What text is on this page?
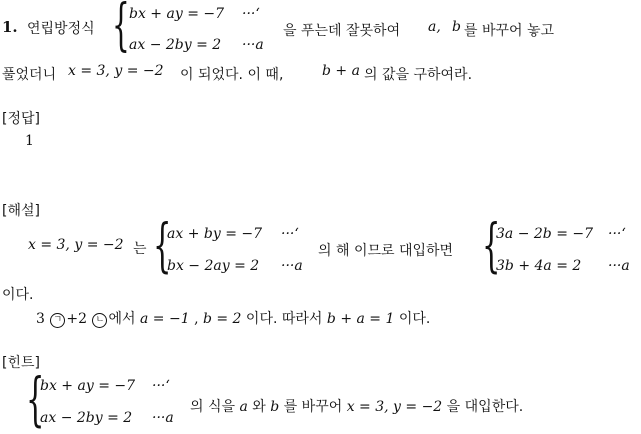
1. 연립방정식 { bx + ay = −7 ···‘
ax − 2by = 2 ···a
을 푸는데 잘못하여 a, b 를 바꾸어 놓고
풀었더니 x = 3, y = −2 이 되었다. 이 때,	b + a 의 값을 구하여라.
[정답]
1
[해설]
x = 3, y = −2 는 {
ax + by = −7 ···‘
bx − 2ay = 2 ···a
의 해 이므로 대입하면 {
3a − 2b = −7 ···‘
3b + 4a = 2 ···a
이다.
3 ㄱ +2 ㄴ 에서 a = −1 , b = 2 이다. 따라서 b + a = 1 이다.
[힌트]
{
bx + ay = −7 ···‘
ax − 2by = 2 ···a
의 식을 a 와 b 를 바꾸어 x = 3, y = −2 을 대입한다.
